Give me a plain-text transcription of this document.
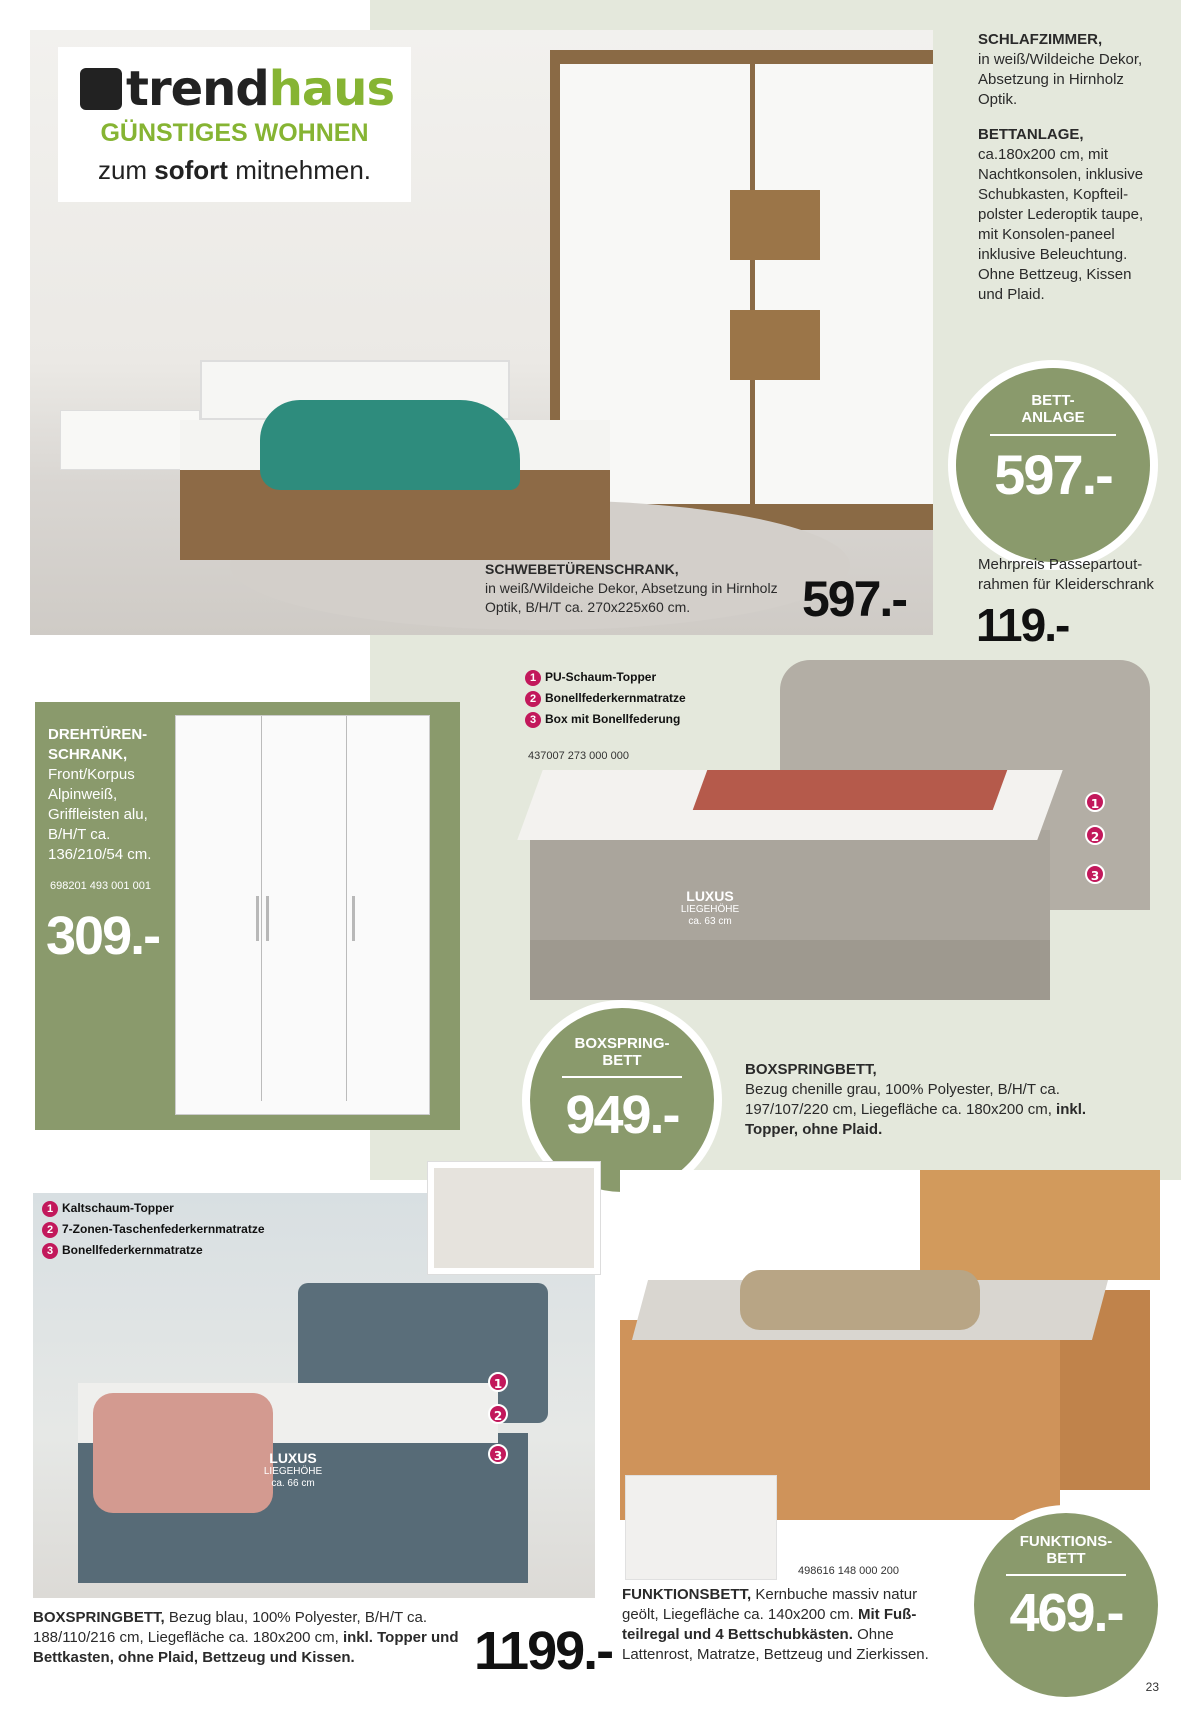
trend haus
GÜNSTIGES WOHNEN
zum sofort mitnehmen.
SCHLAFZIMMER,
in weiß/Wildeiche Dekor, Absetzung in Hirnholz Optik.
BETTANLAGE,
ca.180x200 cm, mit Nachtkonsolen, inklusive Schubkasten, Kopfteil-polster Lederoptik taupe, mit Konsolen-paneel inklusive Beleuchtung. Ohne Bettzeug, Kissen und Plaid.
BETT-
ANLAGE
597.-
Mehrpreis Passepartout-rahmen für Kleiderschrank
119.-
SCHWEBETÜRENSCHRANK,
in weiß/Wildeiche Dekor, Absetzung in Hirnholz Optik, B/H/T ca. 270x225x60 cm.	597.-
DREHTÜREN-SCHRANK,
Front/Korpus Alpinweiß, Griffleisten alu, B/H/T ca. 136/210/54 cm.
698201 493 001 001
309.-
1 PU-Schaum-Topper
2 Bonellfederkernmatratze
3 Box mit Bonellfederung
437007 273 000 000
1
2
3
LUXUS
LIEGEHÖHE
ca. 63 cm
BOXSPRING-
BETT
949.-
BOXSPRINGBETT,
Bezug chenille grau, 100% Polyester, B/H/T ca. 197/107/220 cm, Liegefläche ca. 180x200 cm, inkl. Topper, ohne Plaid.
1 Kaltschaum-Topper
2 7-Zonen-Taschenfederkernmatratze
3 Bonellfederkernmatratze
1
2
3
LUXUS
LIEGEHÖHE
ca. 66 cm
BOXSPRINGBETT, Bezug blau, 100% Polyester, B/H/T ca. 188/110/216 cm, Liegefläche ca. 180x200 cm, inkl. Topper und Bettkasten, ohne Plaid, Bettzeug und Kissen.	1199.-
498616 148 000 200
FUNKTIONS-
BETT
469.-
FUNKTIONSBETT, Kernbuche massiv natur geölt, Liegefläche ca. 140x200 cm. Mit Fuß-teilregal und 4 Bettschubkästen. Ohne Lattenrost, Matratze, Bettzeug und Zierkissen.
23
